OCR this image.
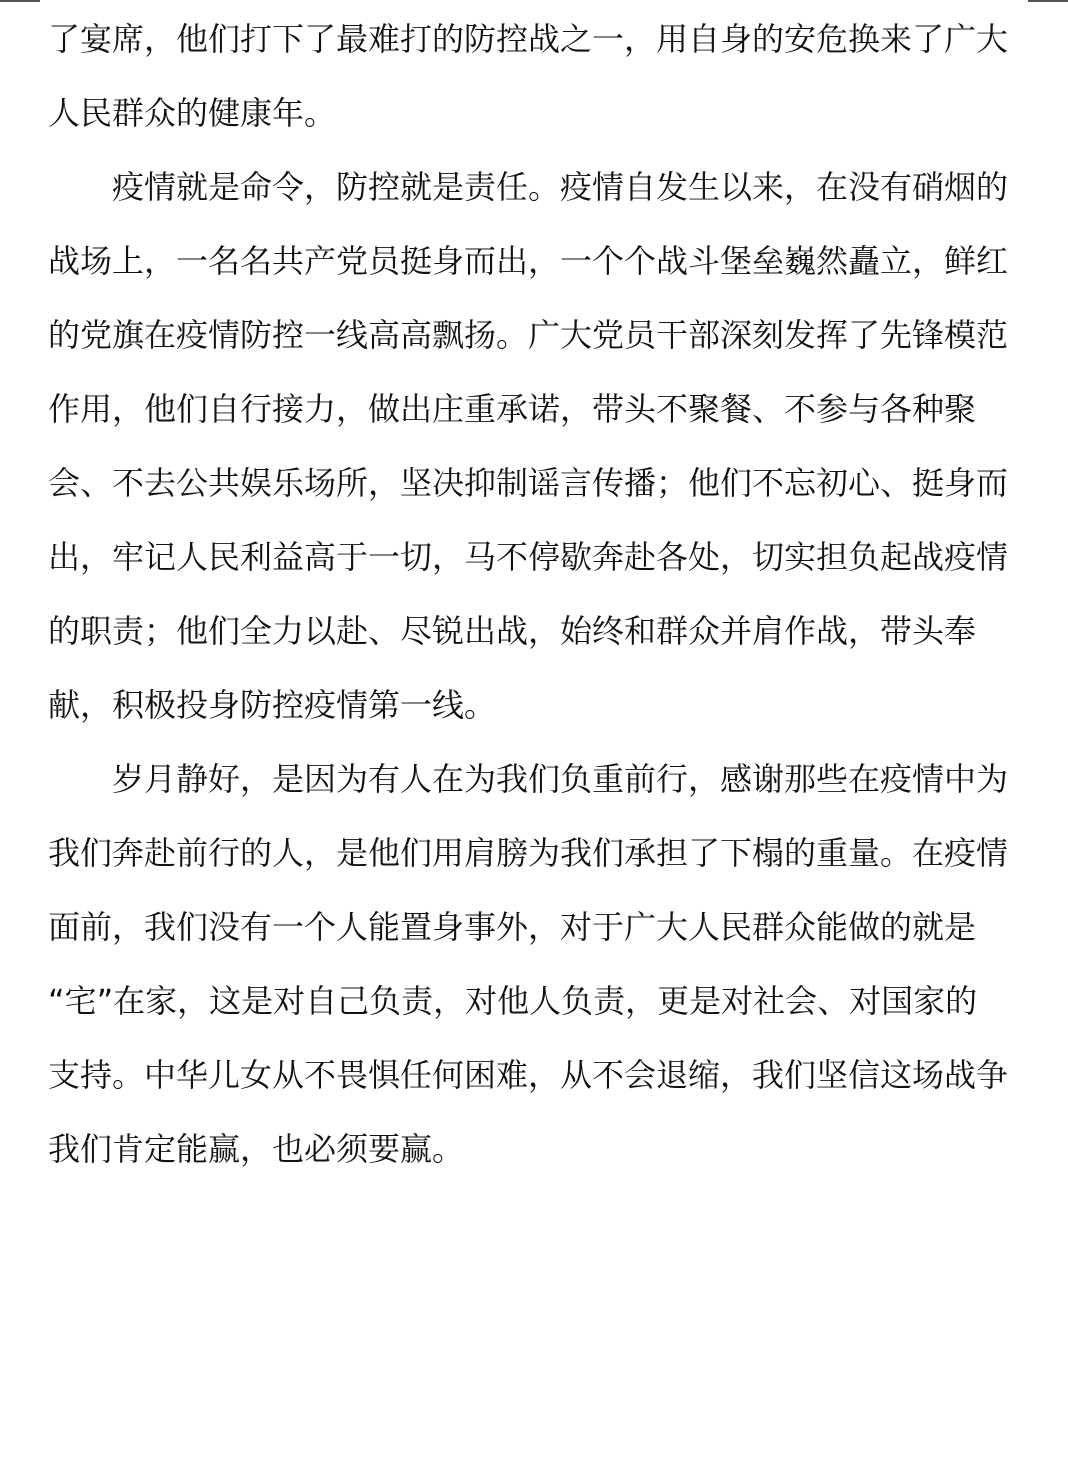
了宴席，他们打下了最难打的防控战之一，用自身的安危换来了广大
人民群众的健康年。
疫情就是命令，防控就是责任。疫情自发生以来，在没有硝烟的
战场上，一名名共产党员挺身而出，一个个战斗堡垒巍然矗立，鲜红
的党旗在疫情防控一线高高飘扬。广大党员干部深刻发挥了先锋模范
作用，他们自行接力，做出庄重承诺，带头不聚餐、不参与各种聚
会、不去公共娱乐场所，坚决抑制谣言传播；他们不忘初心、挺身而
出，牢记人民利益高于一切，马不停歇奔赴各处，切实担负起战疫情
的职责；他们全力以赴、尽锐出战，始终和群众并肩作战，带头奉
献，积极投身防控疫情第一线。
岁月静好，是因为有人在为我们负重前行，感谢那些在疫情中为
我们奔赴前行的人，是他们用肩膀为我们承担了下榻的重量。在疫情
面前，我们没有一个人能置身事外，对于广大人民群众能做的就是
“宅”在家，这是对自己负责，对他人负责，更是对社会、对国家的
支持。中华儿女从不畏惧任何困难，从不会退缩，我们坚信这场战争
我们肯定能赢，也必须要赢。
